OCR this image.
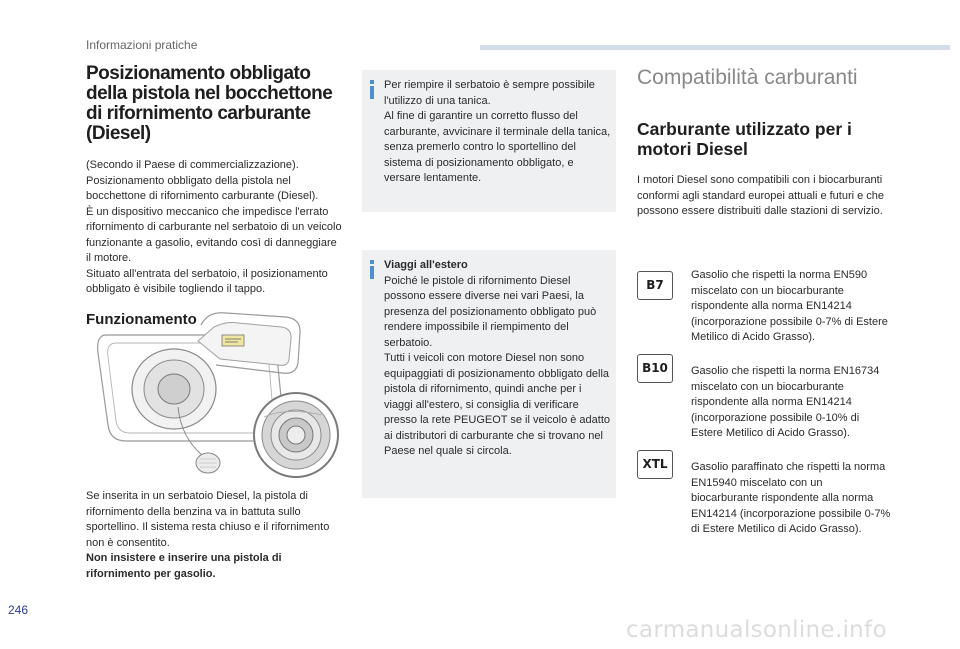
Informazioni pratiche
Posizionamento obbligato della pistola nel bocchettone di rifornimento carburante (Diesel)

(Secondo il Paese di commercializzazione).
Posizionamento obbligato della pistola nel bocchettone di rifornimento carburante (Diesel).
È un dispositivo meccanico che impedisce l'errato rifornimento di carburante nel serbatoio di un veicolo funzionante a gasolio, evitando così di danneggiare il motore.
Situato all'entrata del serbatoio, il posizionamento obbligato è visibile togliendo il tappo.

Funzionamento

Se inserita in un serbatoio Diesel, la pistola di rifornimento della benzina va in battuta sullo sportellino. Il sistema resta chiuso e il rifornimento non è consentito.
Non insistere e inserire una pistola di rifornimento per gasolio.

Per riempire il serbatoio è sempre possibile l'utilizzo di una tanica.
Al fine di garantire un corretto flusso del carburante, avvicinare il terminale della tanica, senza premerlo contro lo sportellino del sistema di posizionamento obbligato, e versare lentamente.

Viaggi all'estero
Poiché le pistole di rifornimento Diesel possono essere diverse nei vari Paesi, la presenza del posizionamento obbligato può rendere impossibile il riempimento del serbatoio.
Tutti i veicoli con motore Diesel non sono equipaggiati di posizionamento obbligato della pistola di rifornimento, quindi anche per i viaggi all'estero, si consiglia di verificare presso la rete PEUGEOT se il veicolo è adatto ai distributori di carburante che si trovano nel Paese nel quale si circola.

Compatibilità carburanti
Carburante utilizzato per i motori Diesel

I motori Diesel sono compatibili con i biocarburanti conformi agli standard europei attuali e futuri e che possono essere distribuiti dalle stazioni di servizio.

B7

Gasolio che rispetti la norma EN590 miscelato con un biocarburante rispondente alla norma EN14214 (incorporazione possibile 0-7% di Estere Metilico di Acido Grasso).

B10	Gasolio che rispetti la norma EN16734 miscelato con un biocarburante rispondente alla norma EN14214 (incorporazione possibile 0-10% di Estere Metilico di Acido Grasso).

XTL	Gasolio paraffinato che rispetti la norma EN15940 miscelato con un biocarburante rispondente alla norma EN14214 (incorporazione possibile 0-7% di Estere Metilico di Acido Grasso).

246
carmanualsonline.info
